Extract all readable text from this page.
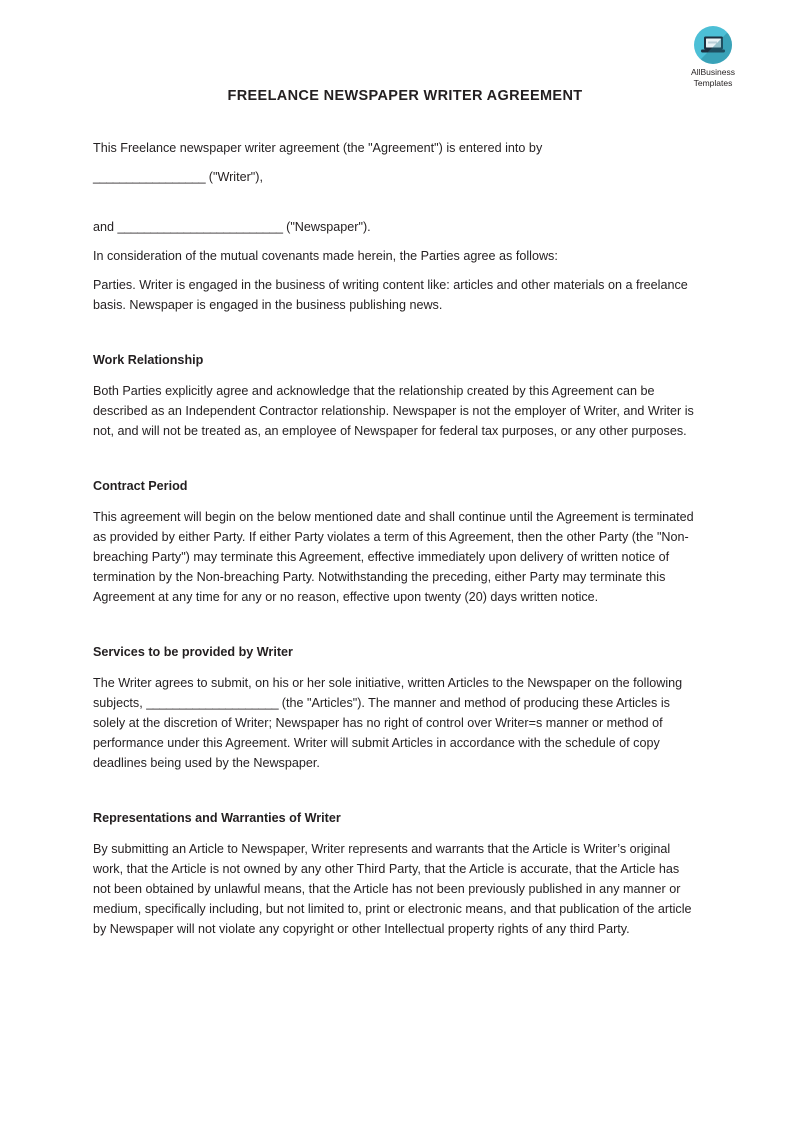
AllBusiness
Templates
FREELANCE NEWSPAPER WRITER AGREEMENT

This Freelance newspaper writer agreement (the "Agreement") is entered into by

_________________ ("Writer"),

and _________________________ ("Newspaper").

In consideration of the mutual covenants made herein, the Parties agree as follows:

Parties. Writer is engaged in the business of writing content like: articles and other materials on a freelance basis. Newspaper is engaged in the business publishing news.

Work Relationship

Both Parties explicitly agree and acknowledge that the relationship created by this Agreement can be described as an Independent Contractor relationship. Newspaper is not the employer of Writer, and Writer is not, and will not be treated as, an employee of Newspaper for federal tax purposes, or any other purposes.

Contract Period

This agreement will begin on the below mentioned date and shall continue until the Agreement is terminated as provided by either Party. If either Party violates a term of this Agreement, then the other Party (the "Non-breaching Party") may terminate this Agreement, effective immediately upon delivery of written notice of termination by the Non-breaching Party. Notwithstanding the preceding, either Party may terminate this Agreement at any time for any or no reason, effective upon twenty (20) days written notice.

Services to be provided by Writer

The Writer agrees to submit, on his or her sole initiative, written Articles to the Newspaper on the following subjects, ____________________ (the "Articles"). The manner and method of producing these Articles is solely at the discretion of Writer; Newspaper has no right of control over Writer=s manner or method of performance under this Agreement. Writer will submit Articles in accordance with the schedule of copy deadlines being used by the Newspaper.

Representations and Warranties of Writer

By submitting an Article to Newspaper, Writer represents and warrants that the Article is Writer’s original work, that the Article is not owned by any other Third Party, that the Article is accurate, that the Article has not been obtained by unlawful means, that the Article has not been previously published in any manner or medium, specifically including, but not limited to, print or electronic means, and that publication of the article by Newspaper will not violate any copyright or other Intellectual property rights of any third Party.
